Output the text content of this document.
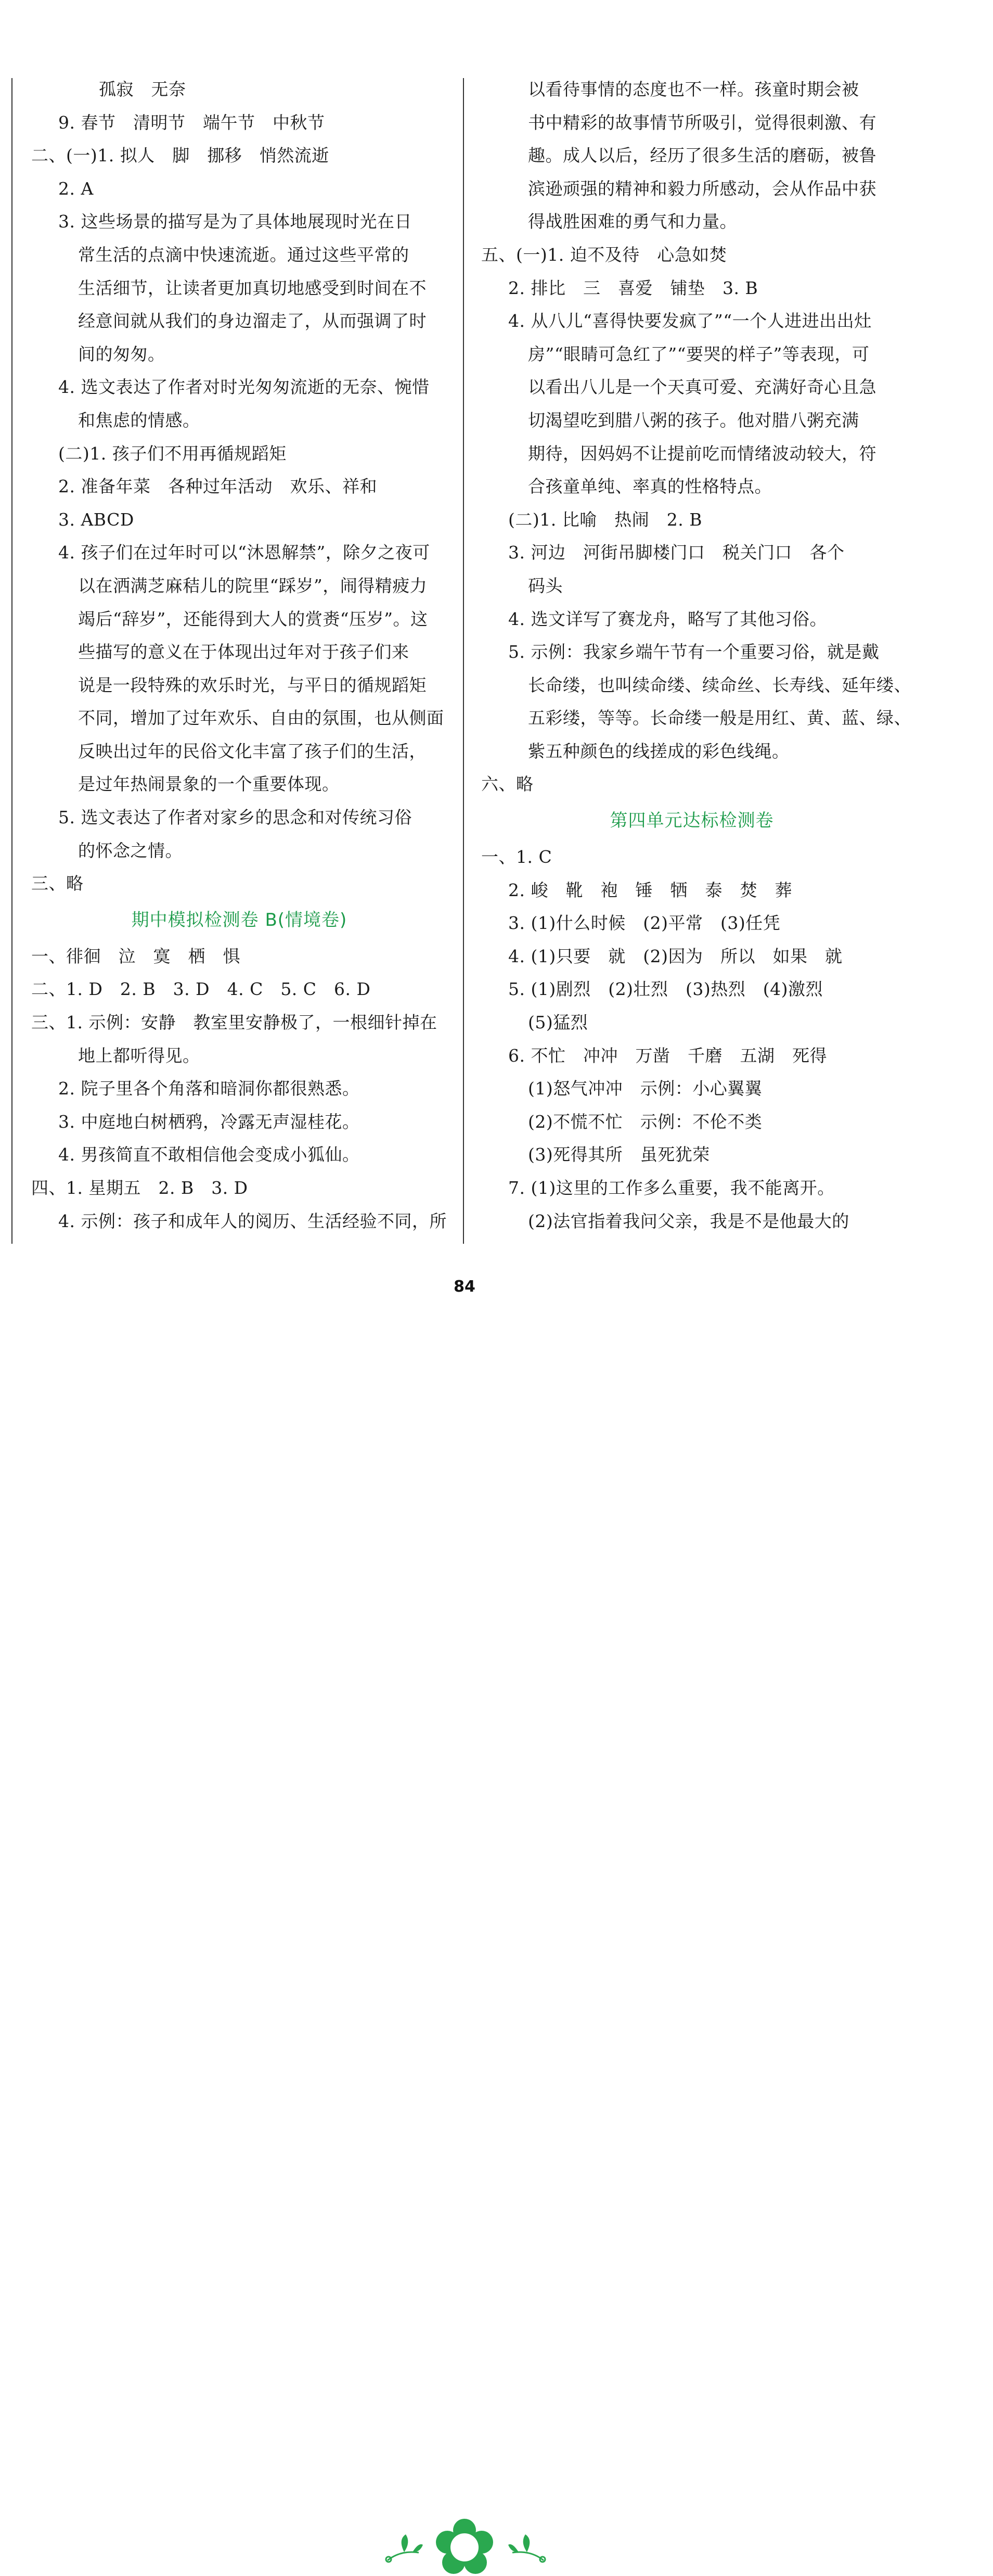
孤寂　无奈
9. 春节　清明节　端午节　中秋节
二、(一)1. 拟人　脚　挪移　悄然流逝
2. A
3. 这些场景的描写是为了具体地展现时光在日
常生活的点滴中快速流逝。通过这些平常的
生活细节，让读者更加真切地感受到时间在不
经意间就从我们的身边溜走了，从而强调了时
间的匆匆。
4. 选文表达了作者对时光匆匆流逝的无奈、惋惜
和焦虑的情感。
(二)1. 孩子们不用再循规蹈矩
2. 准备年菜　各种过年活动　欢乐、祥和
3. ABCD
4. 孩子们在过年时可以“沐恩解禁”，除夕之夜可
以在洒满芝麻秸儿的院里“踩岁”，闹得精疲力
竭后“辞岁”，还能得到大人的赏赉“压岁”。这
些描写的意义在于体现出过年对于孩子们来
说是一段特殊的欢乐时光，与平日的循规蹈矩
不同，增加了过年欢乐、自由的氛围，也从侧面
反映出过年的民俗文化丰富了孩子们的生活，
是过年热闹景象的一个重要体现。
5. 选文表达了作者对家乡的思念和对传统习俗
的怀念之情。
三、略
期中模拟检测卷 B(情境卷)
一、徘徊　泣　寞　栖　惧
二、1. D　2. B　3. D　4. C　5. C　6. D
三、1. 示例：安静　教室里安静极了，一根细针掉在
地上都听得见。
2. 院子里各个角落和暗洞你都很熟悉。
3. 中庭地白树栖鸦，冷露无声湿桂花。
4. 男孩简直不敢相信他会变成小狐仙。
四、1. 星期五　2. B　3. D
4. 示例：孩子和成年人的阅历、生活经验不同，所
以看待事情的态度也不一样。孩童时期会被
书中精彩的故事情节所吸引，觉得很刺激、有
趣。成人以后，经历了很多生活的磨砺，被鲁
滨逊顽强的精神和毅力所感动，会从作品中获
得战胜困难的勇气和力量。
五、(一)1. 迫不及待　心急如焚
2. 排比　三　喜爱　铺垫　3. B
4. 从八儿“喜得快要发疯了”“一个人进进出出灶
房”“眼睛可急红了”“要哭的样子”等表现，可
以看出八儿是一个天真可爱、充满好奇心且急
切渴望吃到腊八粥的孩子。他对腊八粥充满
期待，因妈妈不让提前吃而情绪波动较大，符
合孩童单纯、率真的性格特点。
(二)1. 比喻　热闹　2. B
3. 河边　河街吊脚楼门口　税关门口　各个
码头
4. 选文详写了赛龙舟，略写了其他习俗。
5. 示例：我家乡端午节有一个重要习俗，就是戴
长命缕，也叫续命缕、续命丝、长寿线、延年缕、
五彩缕，等等。长命缕一般是用红、黄、蓝、绿、
紫五种颜色的线搓成的彩色线绳。
六、略
第四单元达标检测卷
一、1. C
2. 峻　靴　袍　锤　牺　泰　焚　葬
3. (1)什么时候　(2)平常　(3)任凭
4. (1)只要　就　(2)因为　所以　如果　就
5. (1)剧烈　(2)壮烈　(3)热烈　(4)激烈
(5)猛烈
6. 不忙　冲冲　万凿　千磨　五湖　死得
(1)怒气冲冲　示例：小心翼翼
(2)不慌不忙　示例：不伦不类
(3)死得其所　虽死犹荣
7. (1)这里的工作多么重要，我不能离开。
(2)法官指着我问父亲，我是不是他最大的
84
